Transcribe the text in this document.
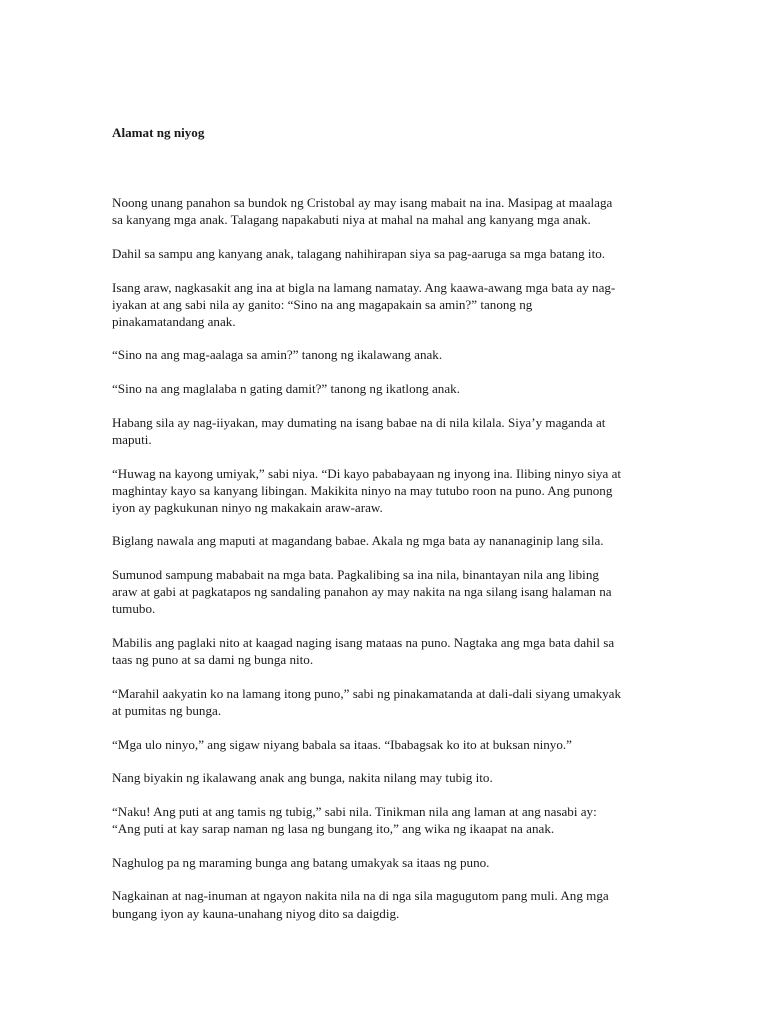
Alamat ng niyog
Noong unang panahon sa bundok ng Cristobal ay may isang mabait na ina. Masipag at maalaga
sa kanyang mga anak. Talagang napakabuti niya at mahal na mahal ang kanyang mga anak.
Dahil sa sampu ang kanyang anak, talagang nahihirapan siya sa pag-aaruga sa mga batang ito.
Isang araw, nagkasakit ang ina at bigla na lamang namatay. Ang kaawa-awang mga bata ay nag-
iyakan at ang sabi nila ay ganito: “Sino na ang magapakain sa amin?” tanong ng
pinakamatandang anak.
“Sino na ang mag-aalaga sa amin?” tanong ng ikalawang anak.
“Sino na ang maglalaba n gating damit?” tanong ng ikatlong anak.
Habang sila ay nag-iiyakan, may dumating na isang babae na di nila kilala. Siya’y maganda at
maputi.
“Huwag na kayong umiyak,” sabi niya. “Di kayo pababayaan ng inyong ina. Ilibing ninyo siya at
maghintay kayo sa kanyang libingan. Makikita ninyo na may tutubo roon na puno. Ang punong
iyon ay pagkukunan ninyo ng makakain araw-araw.
Biglang nawala ang maputi at magandang babae. Akala ng mga bata ay nananaginip lang sila.
Sumunod sampung mababait na mga bata. Pagkalibing sa ina nila, binantayan nila ang libing
araw at gabi at pagkatapos ng sandaling panahon ay may nakita na nga silang isang halaman na
tumubo.
Mabilis ang paglaki nito at kaagad naging isang mataas na puno. Nagtaka ang mga bata dahil sa
taas ng puno at sa dami ng bunga nito.
“Marahil aakyatin ko na lamang itong puno,” sabi ng pinakamatanda at dali-dali siyang umakyak
at pumitas ng bunga.
“Mga ulo ninyo,” ang sigaw niyang babala sa itaas. “Ibabagsak ko ito at buksan ninyo.”
Nang biyakin ng ikalawang anak ang bunga, nakita nilang may tubig ito.
“Naku! Ang puti at ang tamis ng tubig,” sabi nila. Tinikman nila ang laman at ang nasabi ay:
“Ang puti at kay sarap naman ng lasa ng bungang ito,” ang wika ng ikaapat na anak.
Naghulog pa ng maraming bunga ang batang umakyak sa itaas ng puno.
Nagkainan at nag-inuman at ngayon nakita nila na di nga sila magugutom pang muli. Ang mga
bungang iyon ay kauna-unahang niyog dito sa daigdig.
